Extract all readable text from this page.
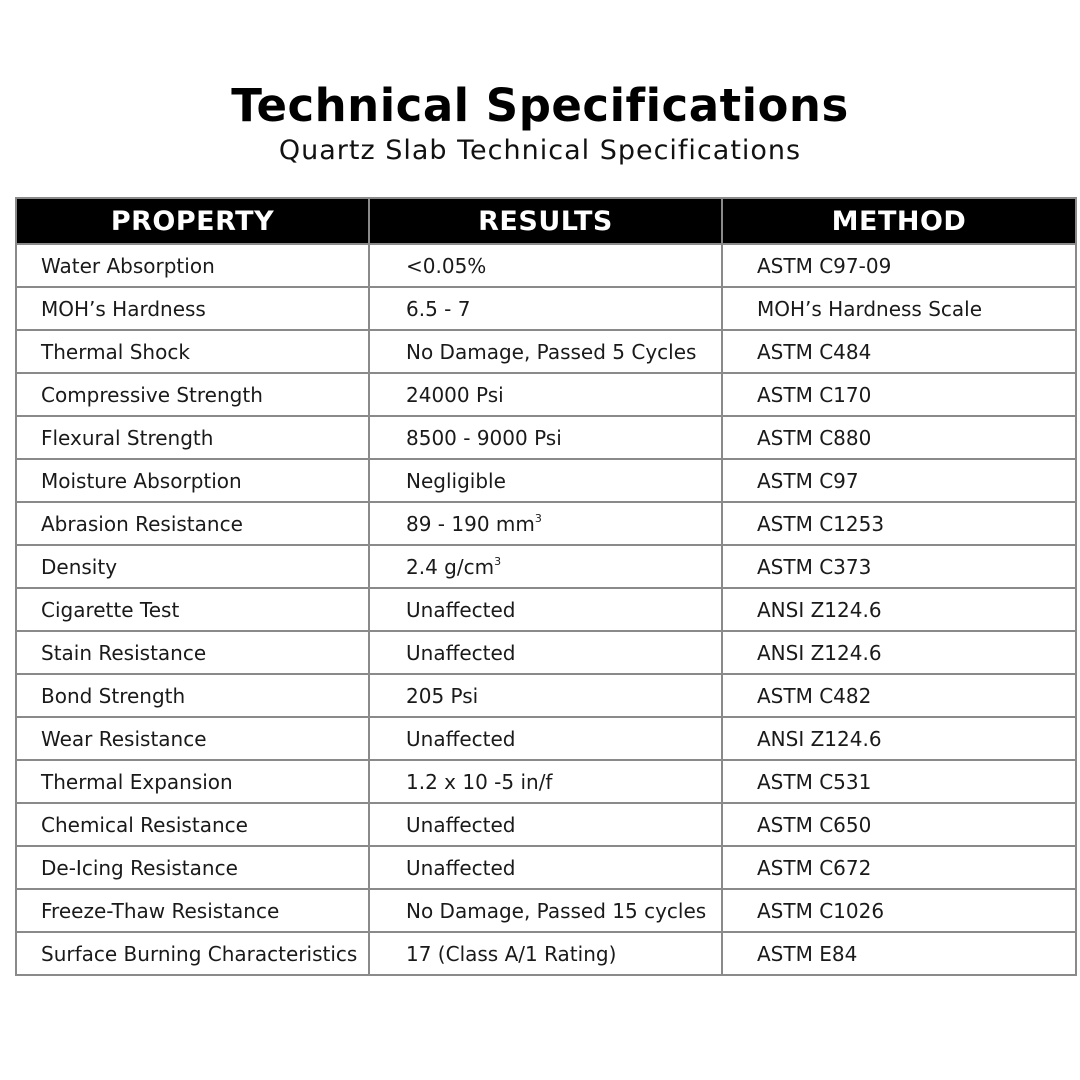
Technical Specifications
Quartz Slab Technical Specifications
PROPERTY	RESULTS	METHOD
Water Absorption	<0.05%	ASTM C97-09
MOH’s Hardness	6.5 - 7	MOH’s Hardness Scale
Thermal Shock	No Damage, Passed 5 Cycles	ASTM C484
Compressive Strength	24000 Psi	ASTM C170
Flexural Strength	8500 - 9000 Psi	ASTM C880
Moisture Absorption	Negligible	ASTM C97
Abrasion Resistance	89 - 190 $mm^3$	ASTM C1253
Density	2.4 $g/cm^3$	ASTM C373
Cigarette Test	Unaffected	ANSI Z124.6
Stain Resistance	Unaffected	ANSI Z124.6
Bond Strength	205 Psi	ASTM C482
Wear Resistance	Unaffected	ANSI Z124.6
Thermal Expansion	1.2 x 10 -5 in/f	ASTM C531
Chemical Resistance	Unaffected	ASTM C650
De-Icing Resistance	Unaffected	ASTM C672
Freeze-Thaw Resistance	No Damage, Passed 15 cycles	ASTM C1026
Surface Burning Characteristics	17 (Class A/1 Rating)	ASTM E84
